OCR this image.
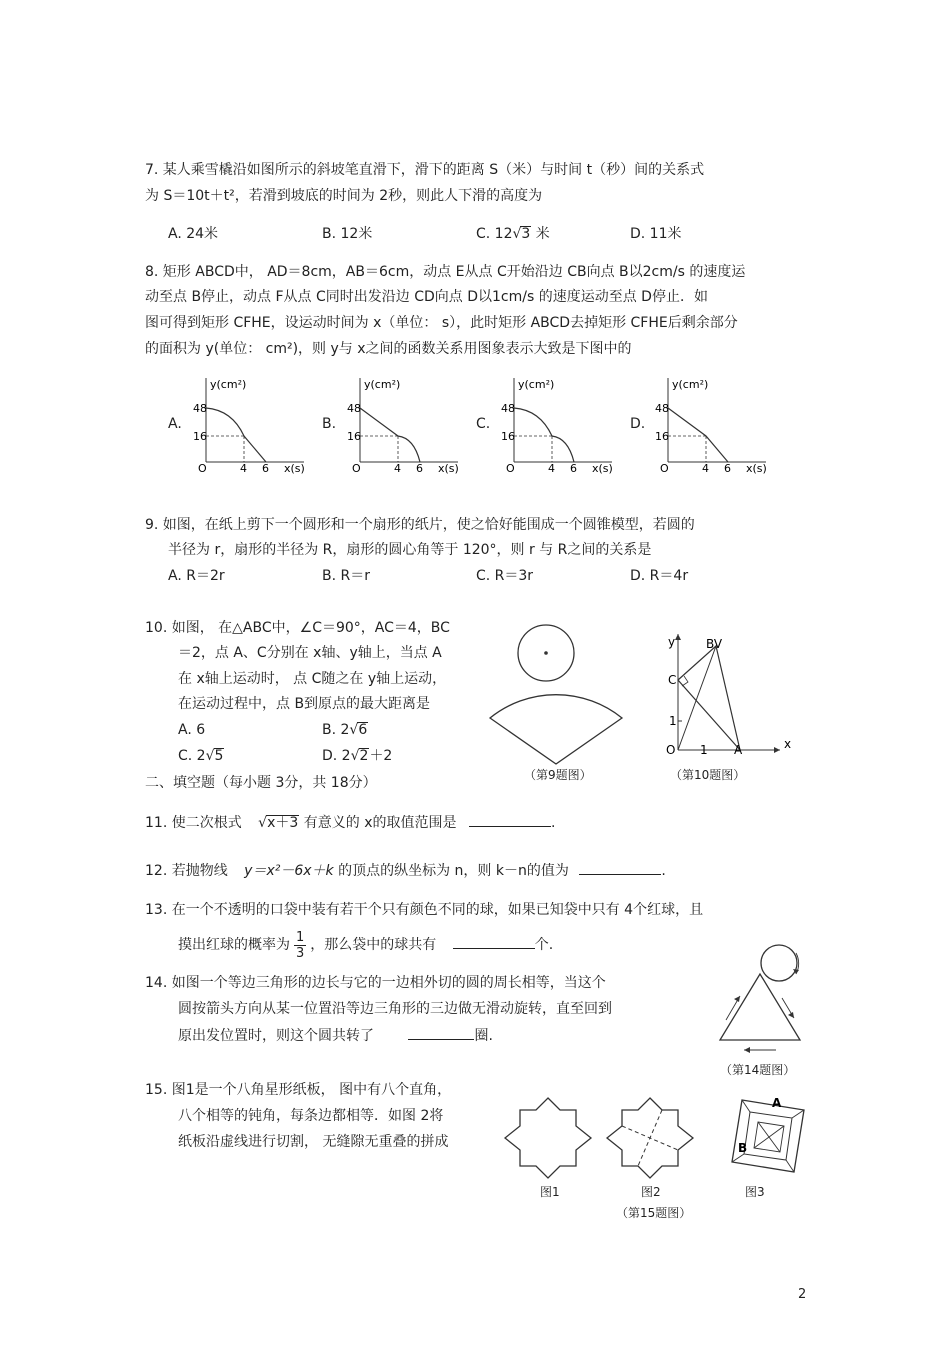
7. 某人乘雪橇沿如图所示的斜坡笔直滑下，滑下的距离 S（米）与时间 t（秒）间的关系式
为 S＝10t＋t²，若滑到坡底的时间为 2秒，则此人下滑的高度为
A. 24米	B. 12米	C. 12√3 米	D. 11米
8. 矩形 ABCD中， AD＝8cm，AB＝6cm，动点 E从点 C开始沿边 CB向点 B以2cm/s 的速度运
动至点 B停止，动点 F从点 C同时出发沿边 CD向点 D以1cm/s 的速度运动至点 D停止．如
图可得到矩形 CFHE，设运动时间为 x（单位： s），此时矩形 ABCD去掉矩形 CFHE后剩余部分
的面积为 y(单位： cm²)，则 y与 x之间的函数关系用图象表示大致是下图中的
A.	B.	C.	D.
y(cm²)
48
16
O	4 6 x(s)
y(cm²)
48
16
O	4 6 x(s)
y(cm²)
48
16
O	4 6 x(s)
y(cm²)
48
16
O	4 6 x(s)
9. 如图，在纸上剪下一个圆形和一个扇形的纸片，使之恰好能围成一个圆锥模型，若圆的
半径为 r，扇形的半径为 R，扇形的圆心角等于 120°，则 r 与 R之间的关系是
A. R＝2r	B. R＝r	C. R＝3r	D. R＝4r
10. 如图， 在△ABC中，∠C＝90°，AC＝4，BC
＝2，点 A、C分别在 x轴、y轴上，当点 A
在 x轴上运动时， 点 C随之在 y轴上运动，
在运动过程中，点 B到原点的最大距离是
A. 6	B. 2√6
C. 2√5	D. 2√2＋2
（第9题图）
y
x
BV
C
1
O 1 A
（第10题图）
二、填空题（每小题 3分，共 18分）
11. 使二次根式 √x＋3 有意义的 x的取值范围是	.
12. 若抛物线 y＝x²－6x＋k 的顶点的纵坐标为 n，则 k－n的值为	.
13. 在一个不透明的口袋中装有若干个只有颜色不同的球，如果已知袋中只有 4个红球，且
摸出红球的概率为 $\frac{1}{3}$ ，那么袋中的球共有	个.
14. 如图一个等边三角形的边长与它的一边相外切的圆的周长相等，当这个
圆按箭头方向从某一位置沿等边三角形的三边做无滑动旋转，直至回到
原出发位置时，则这个圆共转了	圈.
（第14题图）
15. 图1是一个八角星形纸板， 图中有八个直角，
八个相等的钝角，每条边都相等．如图 2将
纸板沿虚线进行切割， 无缝隙无重叠的拼成
A
B
图1	图2	图3
（第15题图）
2
